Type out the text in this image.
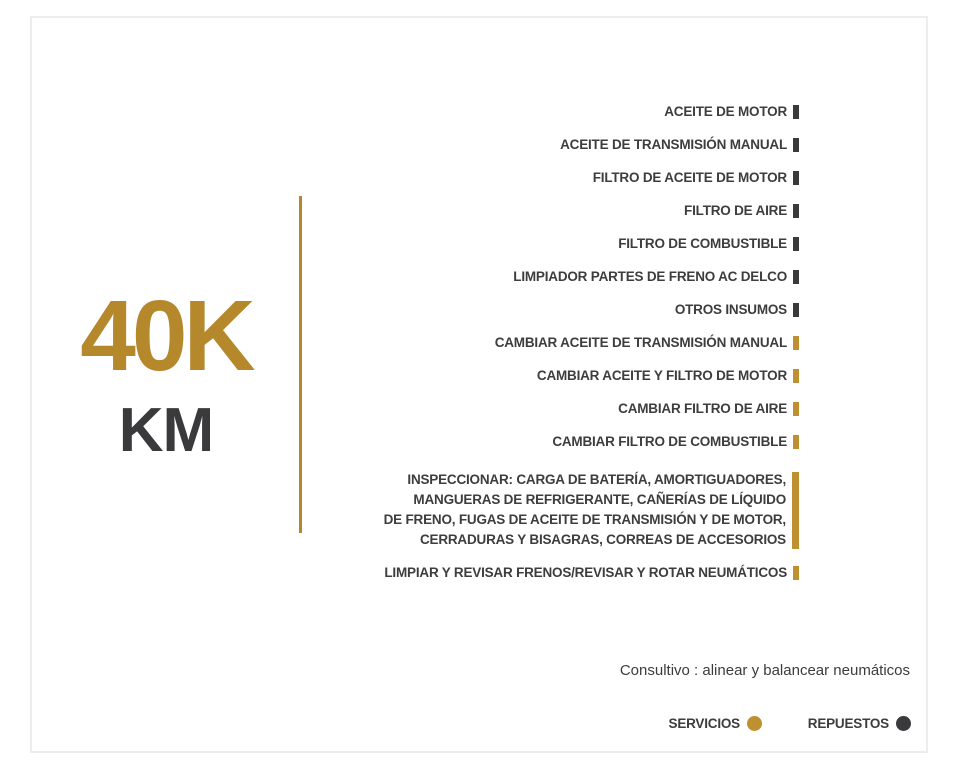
40K
KM
ACEITE DE MOTOR
ACEITE DE TRANSMISIÓN MANUAL
FILTRO DE ACEITE DE MOTOR
FILTRO DE AIRE
FILTRO DE COMBUSTIBLE
LIMPIADOR PARTES DE FRENO AC DELCO
OTROS INSUMOS
CAMBIAR ACEITE DE TRANSMISIÓN MANUAL
CAMBIAR ACEITE Y FILTRO DE MOTOR
CAMBIAR FILTRO DE AIRE
CAMBIAR FILTRO DE COMBUSTIBLE
INSPECCIONAR: CARGA DE BATERÍA, AMORTIGUADORES,
MANGUERAS DE REFRIGERANTE, CAÑERÍAS DE LÍQUIDO
DE FRENO, FUGAS DE ACEITE DE TRANSMISIÓN Y DE MOTOR,
CERRADURAS Y BISAGRAS, CORREAS DE ACCESORIOS
LIMPIAR Y REVISAR FRENOS/REVISAR Y ROTAR NEUMÁTICOS
Consultivo : alinear y balancear neumáticos
SERVICIOS	REPUESTOS
